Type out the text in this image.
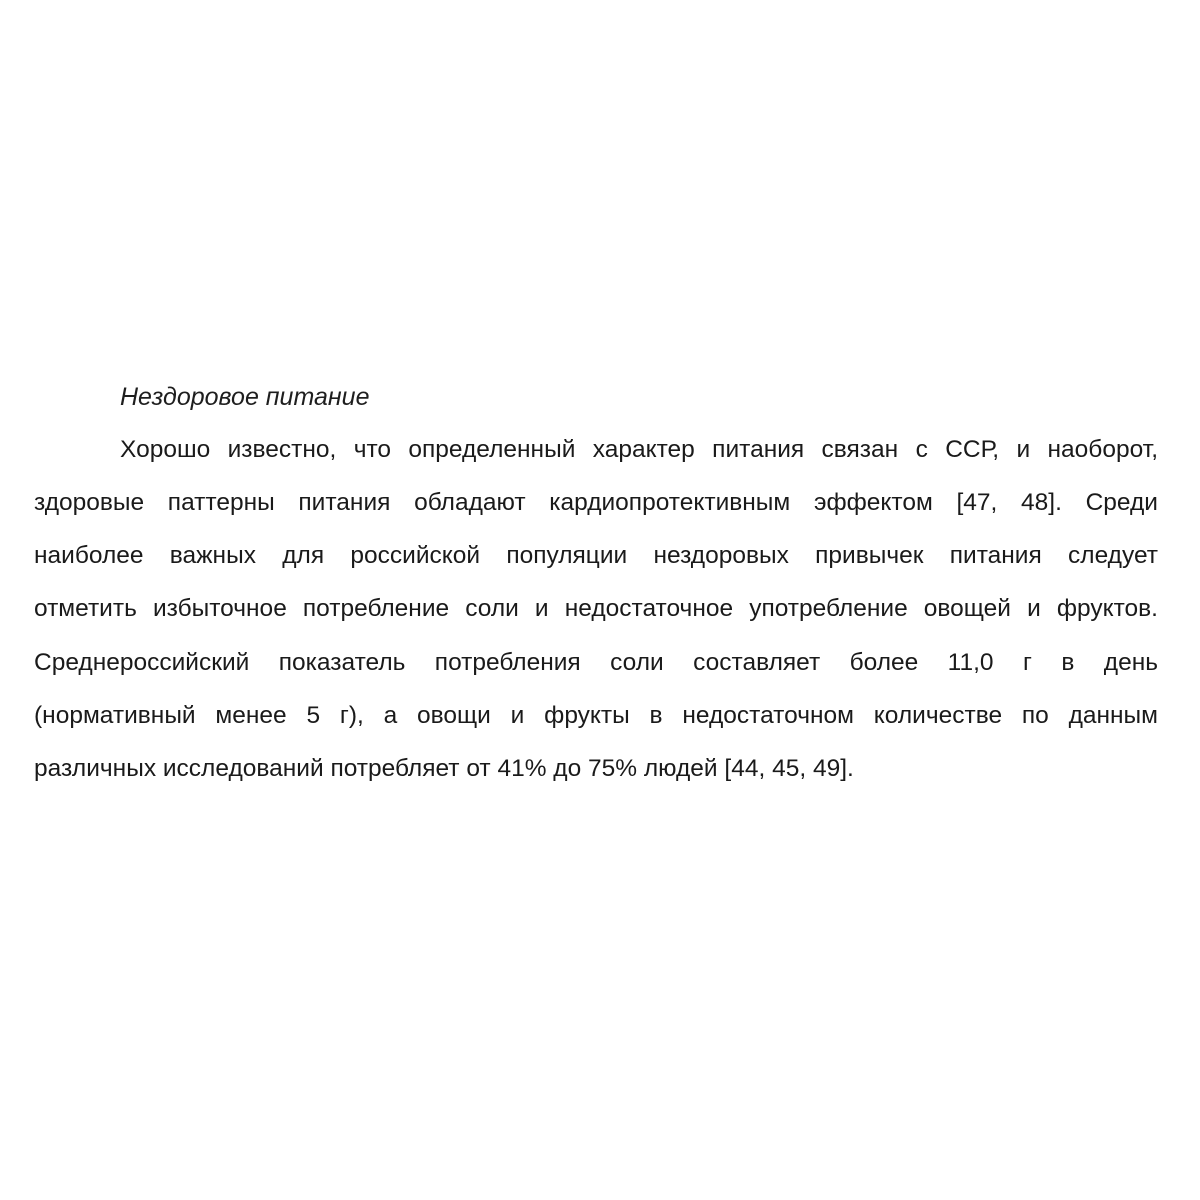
Нездоровое питание
Хорошо известно, что определенный характер питания связан с ССР, и наоборот,
здоровые паттерны питания обладают кардиопротективным эффектом [47, 48]. Среди
наиболее важных для российской популяции нездоровых привычек питания следует
отметить избыточное потребление соли и недостаточное употребление овощей и фруктов.
Среднероссийский показатель потребления соли составляет более 11,0 г в день
(нормативный менее 5 г), а овощи и фрукты в недостаточном количестве по данным
различных исследований потребляет от 41% до 75% людей [44, 45, 49].
